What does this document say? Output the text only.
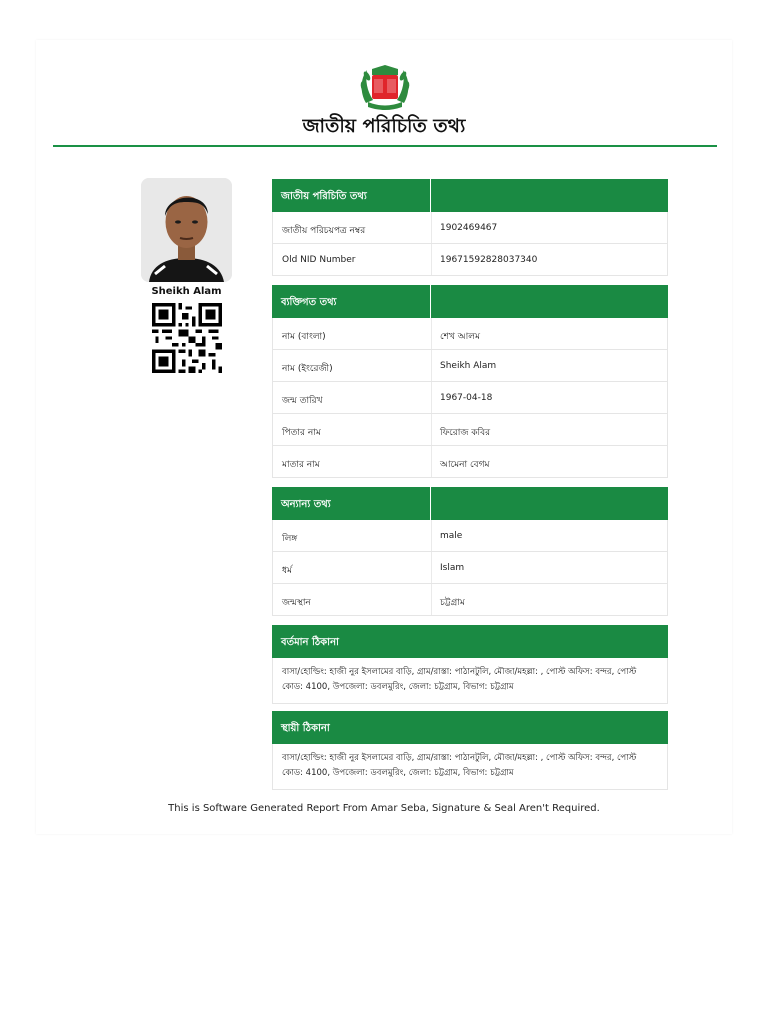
জাতীয় পরিচিতি তথ্য
Sheikh Alam
জাতীয় পরিচিতি তথ্য
জাতীয় পরিচয়পত্র নম্বর	1902469467
Old NID Number	19671592828037340
ব্যক্তিগত তথ্য
নাম (বাংলা)	শেখ আলম
নাম (ইংরেজী)	Sheikh Alam
জন্ম তারিখ	1967-04-18
পিতার নাম	ফিরোজ কবির
মাতার নাম	আমেনা বেগম
অন্যান্য তথ্য
লিঙ্গ	male
ধর্ম	Islam
জন্মস্থান	চট্টগ্রাম
বর্তমান ঠিকানা
বাসা/হোল্ডিং: হাজী নুর ইসলামের বাড়ি, গ্রাম/রাস্তা: পাঠানটুলি, মৌজা/মহল্লা: , পোস্ট অফিস: বন্দর, পোস্ট
কোড: 4100, উপজেলা: ডবলমুরিং, জেলা: চট্টগ্রাম, বিভাগ: চট্টগ্রাম
স্থায়ী ঠিকানা
বাসা/হোল্ডিং: হাজী নুর ইসলামের বাড়ি, গ্রাম/রাস্তা: পাঠানটুলি, মৌজা/মহল্লা: , পোস্ট অফিস: বন্দর, পোস্ট
কোড: 4100, উপজেলা: ডবলমুরিং, জেলা: চট্টগ্রাম, বিভাগ: চট্টগ্রাম
This is Software Generated Report From Amar Seba, Signature & Seal Aren't Required.
